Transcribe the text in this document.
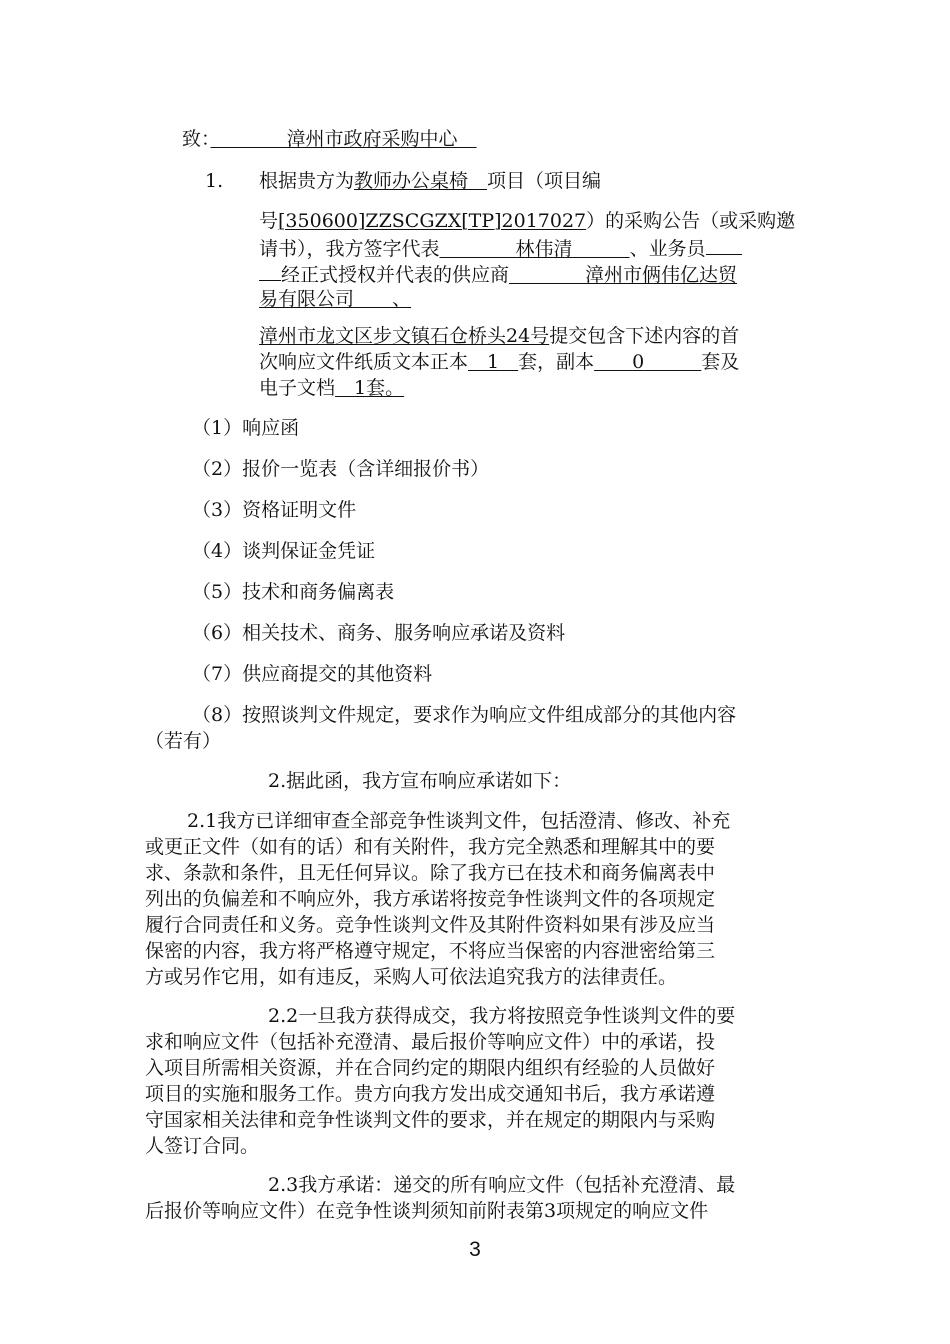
致：　　　　	漳州市政府采购中心　
1. 根据贵方为教师办公桌椅　 项目（项目编
号[350600]ZZSCGZX[TP]2017027）的采购公告（或采购邀
请书），我方签字代表　　　　	林伟清　　　	、业务员
经正式授权并代表的供应商　　　　	漳州市俩伟亿达贸
易有限公司　　 、
漳州市龙文区步文镇石仓桥头24号提交包含下述内容的首
次响应文件纸质文本正本　 1　 套，副本　　 0　　　	套及
电子文档　 1套。
（1）响应函
（2）报价一览表（含详细报价书）
（3）资格证明文件
（4）谈判保证金凭证
（5）技术和商务偏离表
（6）相关技术、商务、服务响应承诺及资料
（7）供应商提交的其他资料
（8）按照谈判文件规定，要求作为响应文件组成部分的其他内容
（若有）
2.据此函，我方宣布响应承诺如下：
2.1我方已详细审查全部竞争性谈判文件，包括澄清、修改、补充
或更正文件（如有的话）和有关附件，我方完全熟悉和理解其中的要
求、条款和条件，且无任何异议。除了我方已在技术和商务偏离表中
列出的负偏差和不响应外，我方承诺将按竞争性谈判文件的各项规定
履行合同责任和义务。竞争性谈判文件及其附件资料如果有涉及应当
保密的内容，我方将严格遵守规定，不将应当保密的内容泄密给第三
方或另作它用，如有违反，采购人可依法追究我方的法律责任。
2.2一旦我方获得成交，我方将按照竞争性谈判文件的要
求和响应文件（包括补充澄清、最后报价等响应文件）中的承诺，投
入项目所需相关资源，并在合同约定的期限内组织有经验的人员做好
项目的实施和服务工作。贵方向我方发出成交通知书后，我方承诺遵
守国家相关法律和竞争性谈判文件的要求，并在规定的期限内与采购
人签订合同。
2.3我方承诺：递交的所有响应文件（包括补充澄清、最
后报价等响应文件）在竞争性谈判须知前附表第3项规定的响应文件
3
